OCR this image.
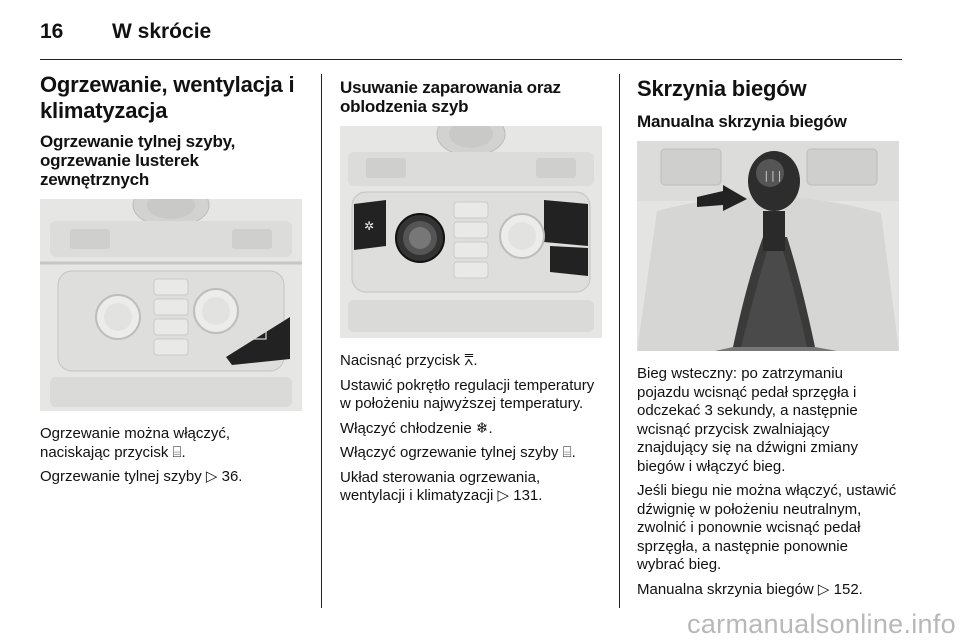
16 W skrócie
Ogrzewanie, wentylacja i klimatyzacja
Ogrzewanie tylnej szyby, ogrzewanie lusterek zewnętrznych

Ogrzewanie można włączyć, naciskając przycisk ⌸.

Ogrzewanie tylnej szyby ▷ 36.

Usuwanie zaparowania oraz oblodzenia szyb
✲

Nacisnąć przycisk ⩞.

Ustawić pokrętło regulacji temperatury w położeniu najwyższej temperatury.

Włączyć chłodzenie ❄.

Włączyć ogrzewanie tylnej szyby ⌸.

Układ sterowania ogrzewania, wentylacji i klimatyzacji ▷ 131.

Skrzynia biegów
Manualna skrzynia biegów
|||

Bieg wsteczny: po zatrzymaniu pojazdu wcisnąć pedał sprzęgła i odczekać 3 sekundy, a następnie wcisnąć przycisk zwalniający znajdujący się na dźwigni zmiany biegów i włączyć bieg.

Jeśli biegu nie można włączyć, ustawić dźwignię w położeniu neutralnym, zwolnić i ponownie wcisnąć pedał sprzęgła, a następnie ponownie wybrać bieg.

Manualna skrzynia biegów ▷ 152.

carmanualsonline.info
